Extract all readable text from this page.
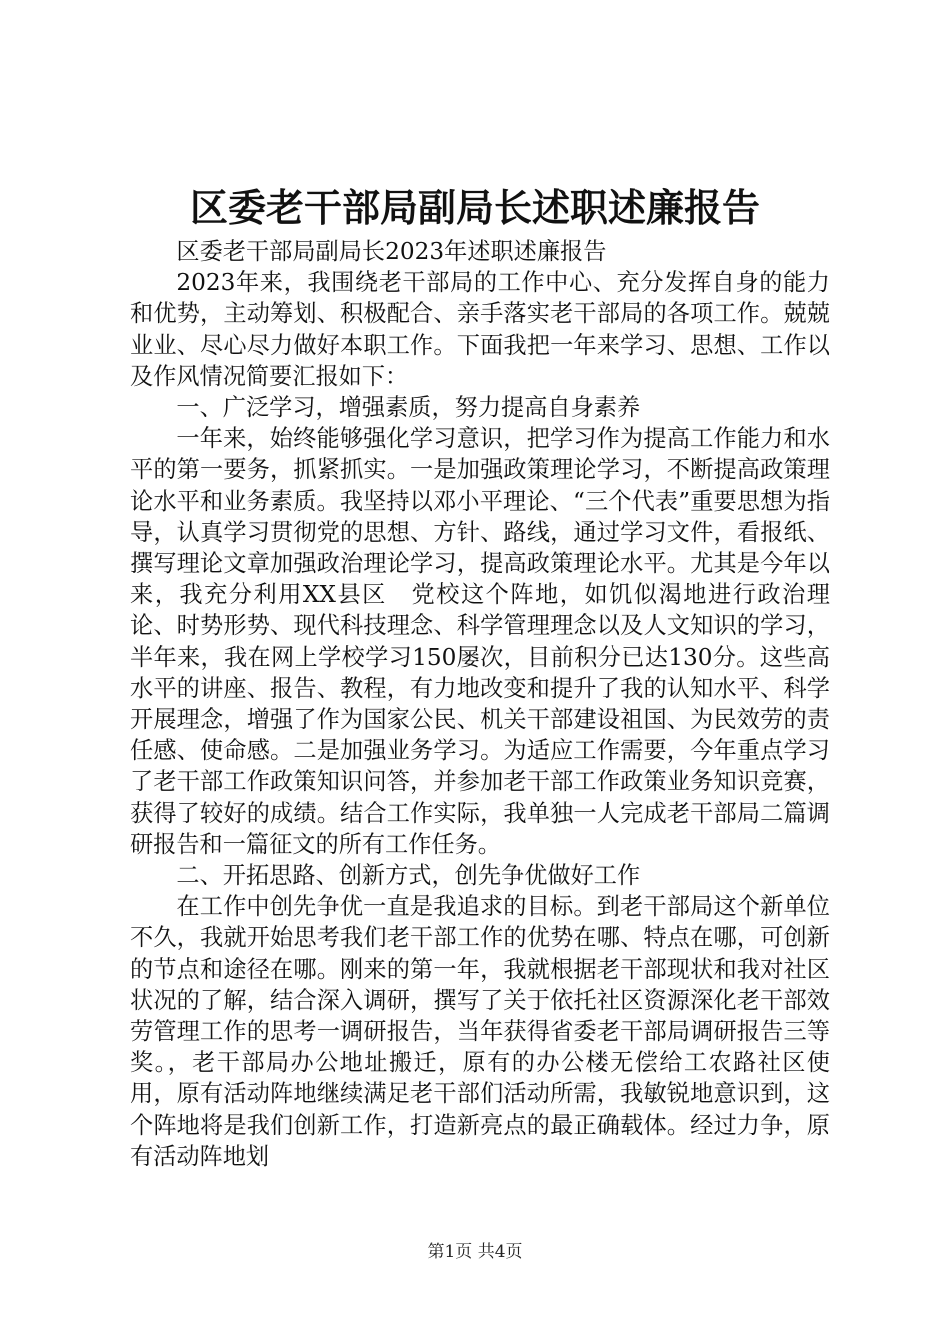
区委老干部局副局长述职述廉报告

区委老干部局副局长2023年述职述廉报告

2023年来，我围绕老干部局的工作中心、充分发挥自身的能力和优势，主动筹划、积极配合、亲手落实老干部局的各项工作。兢兢业业、尽心尽力做好本职工作。下面我把一年来学习、思想、工作以及作风情况简要汇报如下：

一、广泛学习，增强素质，努力提高自身素养

一年来，始终能够强化学习意识，把学习作为提高工作能力和水平的第一要务，抓紧抓实。一是加强政策理论学习，不断提高政策理论水平和业务素质。我坚持以邓小平理论、“三个代表”重要思想为指导，认真学习贯彻党的思想、方针、路线，通过学习文件，看报纸、撰写理论文章加强政治理论学习，提高政策理论水平。尤其是今年以来，我充分利用XX县区　党校这个阵地，如饥似渴地进行政治理论、时势形势、现代科技理念、科学管理理念以及人文知识的学习，半年来，我在网上学校学习150屡次，目前积分已达130分。这些高水平的讲座、报告、教程，有力地改变和提升了我的认知水平、科学开展理念，增强了作为国家公民、机关干部建设祖国、为民效劳的责任感、使命感。二是加强业务学习。为适应工作需要，今年重点学习了老干部工作政策知识问答，并参加老干部工作政策业务知识竞赛，获得了较好的成绩。结合工作实际，我单独一人完成老干部局二篇调研报告和一篇征文的所有工作任务。

二、开拓思路、创新方式，创先争优做好工作

在工作中创先争优一直是我追求的目标。到老干部局这个新单位不久，我就开始思考我们老干部工作的优势在哪、特点在哪，可创新的节点和途径在哪。刚来的第一年，我就根据老干部现状和我对社区状况的了解，结合深入调研，撰写了关于依托社区资源深化老干部效劳管理工作的思考一调研报告，当年获得省委老干部局调研报告三等奖。，老干部局办公地址搬迁，原有的办公楼无偿给工农路社区使用，原有活动阵地继续满足老干部们活动所需，我敏锐地意识到，这个阵地将是我们创新工作，打造新亮点的最正确载体。经过力争，原有活动阵地划

第1页 共4页
